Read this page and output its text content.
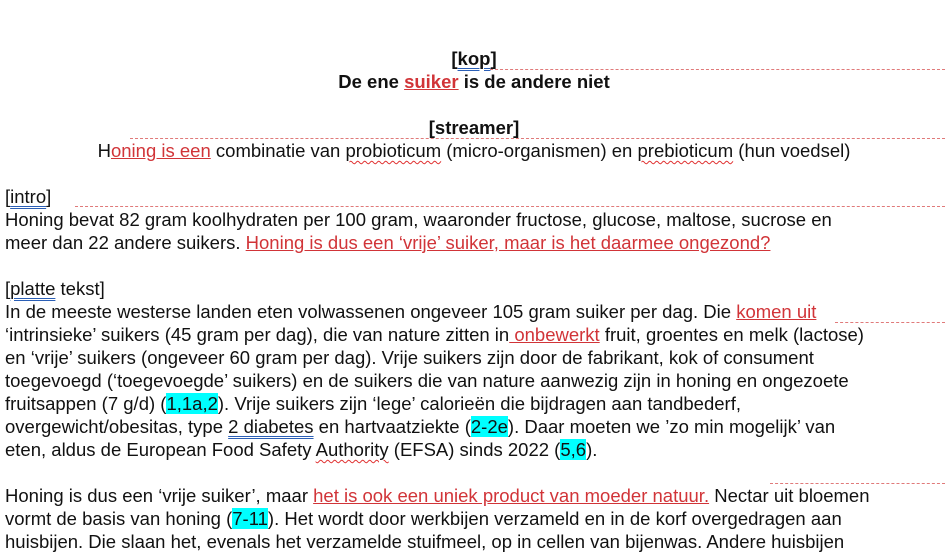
[kop]
De ene suiker is de andere niet
[streamer]
Honing is een combinatie van probioticum (micro-organismen) en prebioticum (hun voedsel)
[intro]
Honing bevat 82 gram koolhydraten per 100 gram, waaronder fructose, glucose, maltose, sucrose en
meer dan 22 andere suikers. Honing is dus een ‘vrije’ suiker, maar is het daarmee ongezond?
[platte tekst]
In de meeste westerse landen eten volwassenen ongeveer 105 gram suiker per dag. Die komen uit
‘intrinsieke’ suikers (45 gram per dag), die van nature zitten in onbewerkt fruit, groentes en melk (lactose)
en ‘vrije’ suikers (ongeveer 60 gram per dag). Vrije suikers zijn door de fabrikant, kok of consument
toegevoegd (‘toegevoegde’ suikers) en de suikers die van nature aanwezig zijn in honing en ongezoete
fruitsappen (7 g/d) (1,1a,2). Vrije suikers zijn ‘lege’ calorieën die bijdragen aan tandbederf,
overgewicht/obesitas, type 2 diabetes en hartvaatziekte (2-2e). Daar moeten we ’zo min mogelijk’ van
eten, aldus de European Food Safety Authority (EFSA) sinds 2022 (5,6).
Honing is dus een ‘vrije suiker’, maar het is ook een uniek product van moeder natuur. Nectar uit bloemen
vormt de basis van honing (7-11). Het wordt door werkbijen verzameld en in de korf overgedragen aan
huisbijen. Die slaan het, evenals het verzamelde stuifmeel, op in cellen van bijenwas. Andere huisbijen
